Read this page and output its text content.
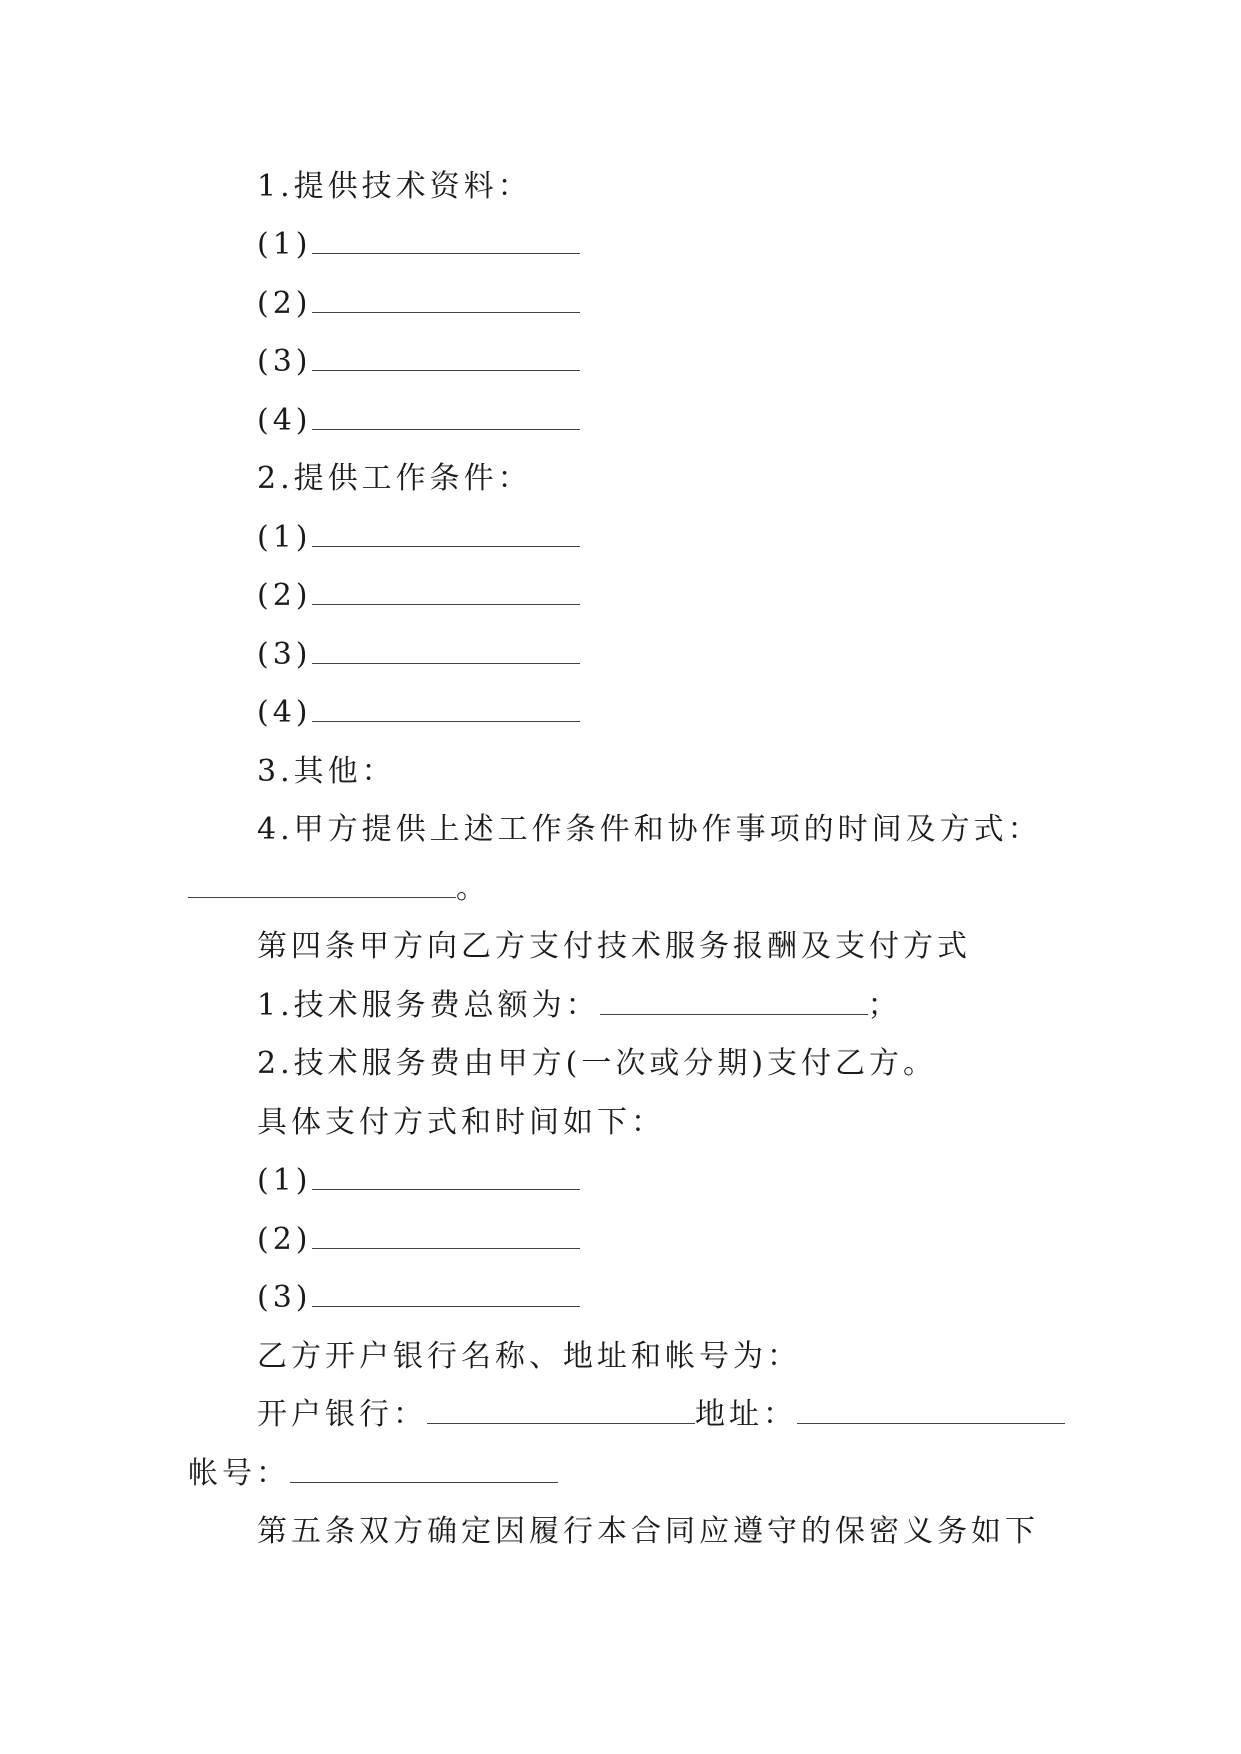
1.提供技术资料：
(1)
(2)
(3)
(4)
2.提供工作条件：
(1)
(2)
(3)
(4)
3.其他：
4.甲方提供上述工作条件和协作事项的时间及方式：
。
第四条甲方向乙方支付技术服务报酬及支付方式
1.技术服务费总额为：	；
2.技术服务费由甲方(一次或分期)支付乙方。
具体支付方式和时间如下：
(1)
(2)
(3)
乙方开户银行名称、地址和帐号为：
开户银行：	地址：
帐号：
第五条双方确定因履行本合同应遵守的保密义务如下
